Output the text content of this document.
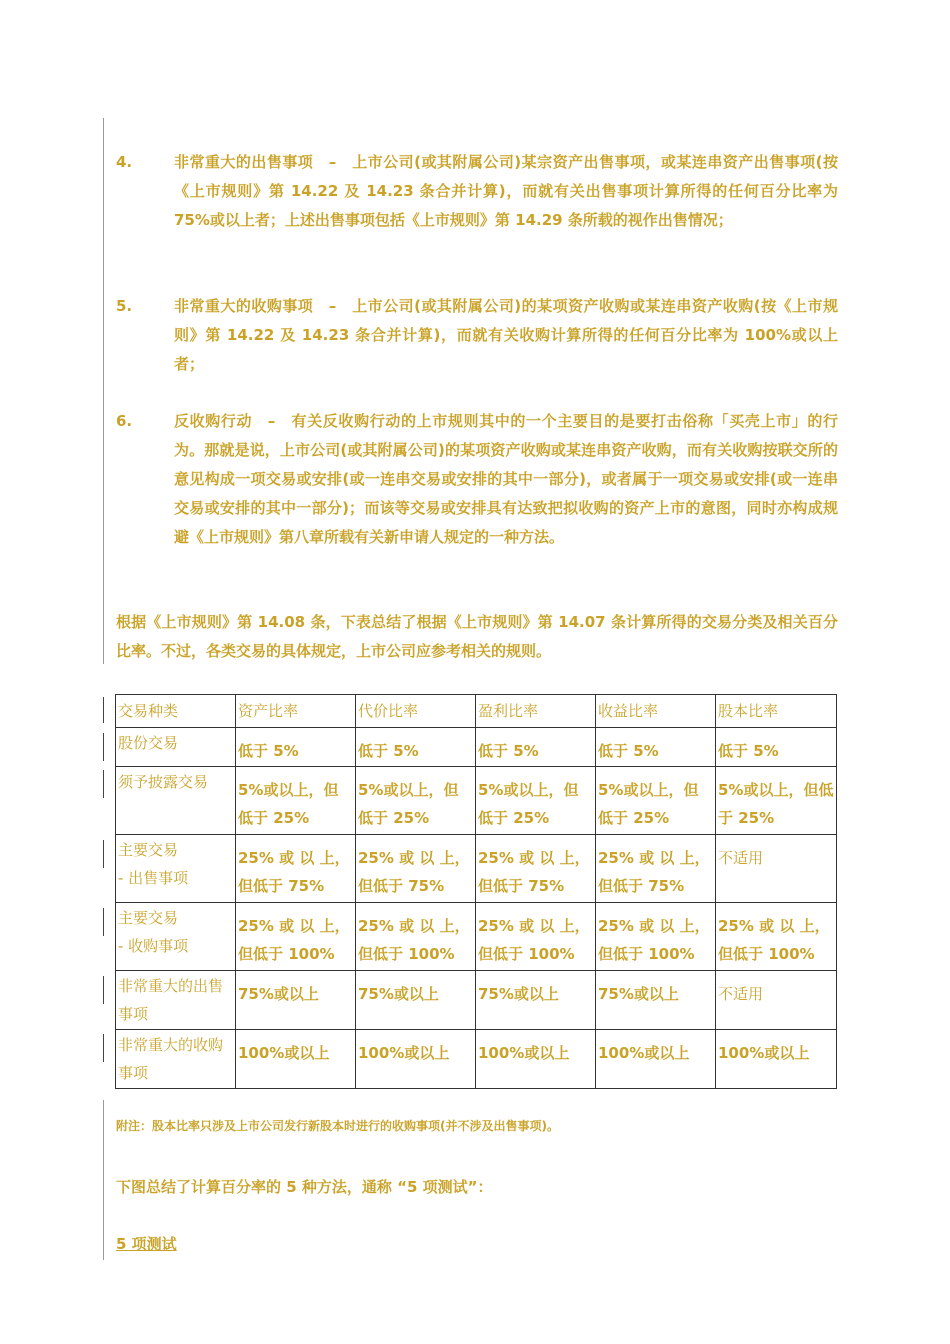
4.	非常重大的出售事项　–　上市公司(或其附属公司)某宗资产出售事项，或某连串资产出售事项(按《上市规则》第 14.22 及 14.23 条合并计算)，而就有关出售事项计算所得的任何百分比率为 75%或以上者；上述出售事项包括《上市规则》第 14.29 条所载的视作出售情况；
5.	非常重大的收购事项　–　上市公司(或其附属公司)的某项资产收购或某连串资产收购(按《上市规则》第 14.22 及 14.23 条合并计算)，而就有关收购计算所得的任何百分比率为 100%或以上者；
6.	反收购行动　–　有关反收购行动的上市规则其中的一个主要目的是要打击俗称「买壳上市」的行为。那就是说，上市公司(或其附属公司)的某项资产收购或某连串资产收购，而有关收购按联交所的意见构成一项交易或安排(或一连串交易或安排的其中一部分)，或者属于一项交易或安排(或一连串交易或安排的其中一部分)；而该等交易或安排具有达致把拟收购的资产上市的意图，同时亦构成规避《上市规则》第八章所载有关新申请人规定的一种方法。
根据《上市规则》第 14.08 条，下表总结了根据《上市规则》第 14.07 条计算所得的交易分类及相关百分比率。不过，各类交易的具体规定，上市公司应参考相关的规则。
交易种类	资产比率	代价比率	盈利比率	收益比率	股本比率
股份交易	低于 5%	低于 5%	低于 5%	低于 5%	低于 5%
须予披露交易	5%或以上，但低于 25%	5%或以上，但低于 25%	5%或以上，但低于 25%	5%或以上，但低于 25%	5%或以上，但低于 25%
主要交易
- 出售事项	25% 或 以 上，但低于 75%	25% 或 以 上，但低于 75%	25% 或 以 上，但低于 75%	25% 或 以 上，但低于 75%	不适用
主要交易
- 收购事项	25% 或 以 上，但低于 100%	25% 或 以 上，但低于 100%	25% 或 以 上，但低于 100%	25% 或 以 上，但低于 100%	25% 或 以 上，但低于 100%
非常重大的出售事项	75%或以上	75%或以上	75%或以上	75%或以上	不适用
非常重大的收购事项	100%或以上	100%或以上	100%或以上	100%或以上	100%或以上
附注：股本比率只涉及上市公司发行新股本时进行的收购事项(并不涉及出售事项)。
下图总结了计算百分率的 5 种方法，通称 “5 项测试”：
5 项测试
